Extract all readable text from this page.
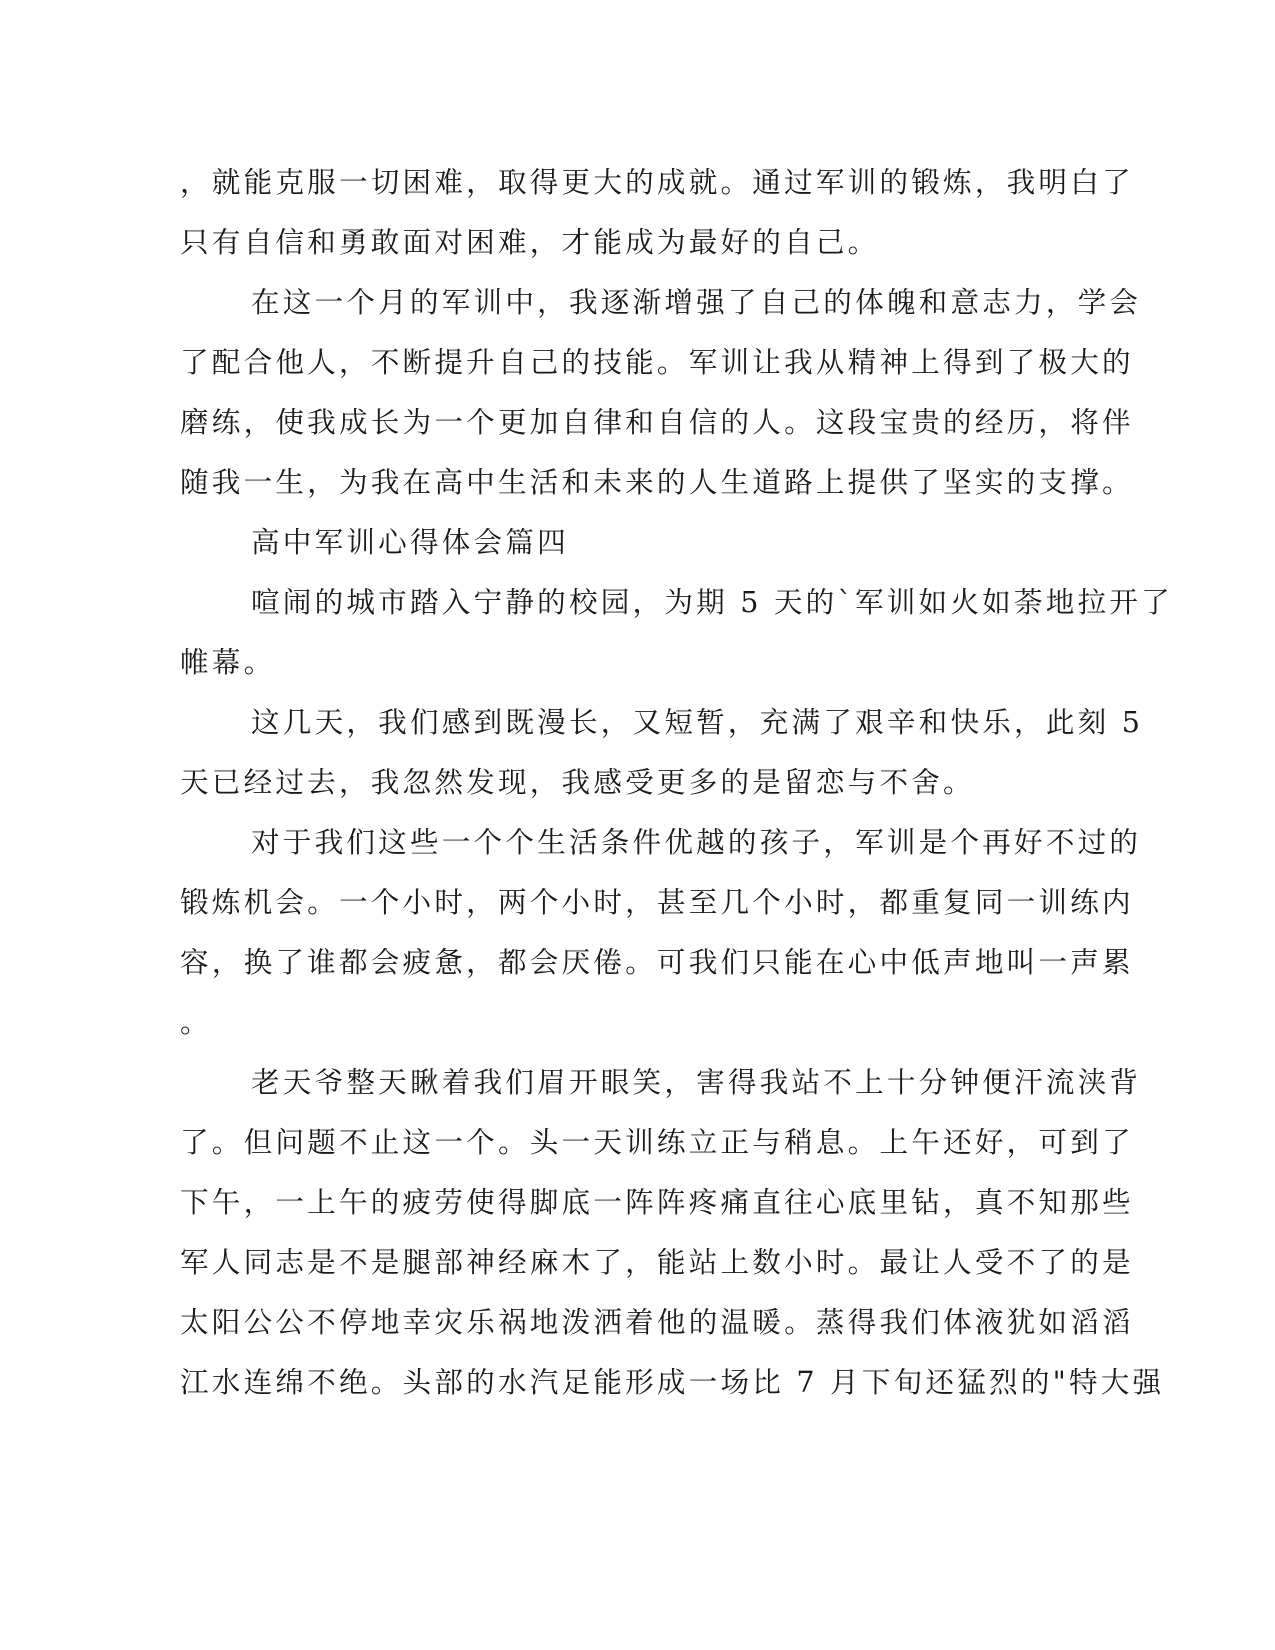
，就能克服一切困难，取得更大的成就。通过军训的锻炼，我明白了
只有自信和勇敢面对困难，才能成为最好的自己。
在这一个月的军训中，我逐渐增强了自己的体魄和意志力，学会
了配合他人，不断提升自己的技能。军训让我从精神上得到了极大的
磨练，使我成长为一个更加自律和自信的人。这段宝贵的经历，将伴
随我一生，为我在高中生活和未来的人生道路上提供了坚实的支撑。
高中军训心得体会篇四
喧闹的城市踏入宁静的校园，为期 5 天的`军训如火如荼地拉开了
帷幕。
这几天，我们感到既漫长，又短暂，充满了艰辛和快乐，此刻 5
天已经过去，我忽然发现，我感受更多的是留恋与不舍。
对于我们这些一个个生活条件优越的孩子，军训是个再好不过的
锻炼机会。一个小时，两个小时，甚至几个小时，都重复同一训练内
容，换了谁都会疲惫，都会厌倦。可我们只能在心中低声地叫一声累
。
老天爷整天瞅着我们眉开眼笑，害得我站不上十分钟便汗流浃背
了。但问题不止这一个。头一天训练立正与稍息。上午还好，可到了
下午，一上午的疲劳使得脚底一阵阵疼痛直往心底里钻，真不知那些
军人同志是不是腿部神经麻木了，能站上数小时。最让人受不了的是
太阳公公不停地幸灾乐祸地泼洒着他的温暖。蒸得我们体液犹如滔滔
江水连绵不绝。头部的水汽足能形成一场比 7 月下旬还猛烈的"特大强
